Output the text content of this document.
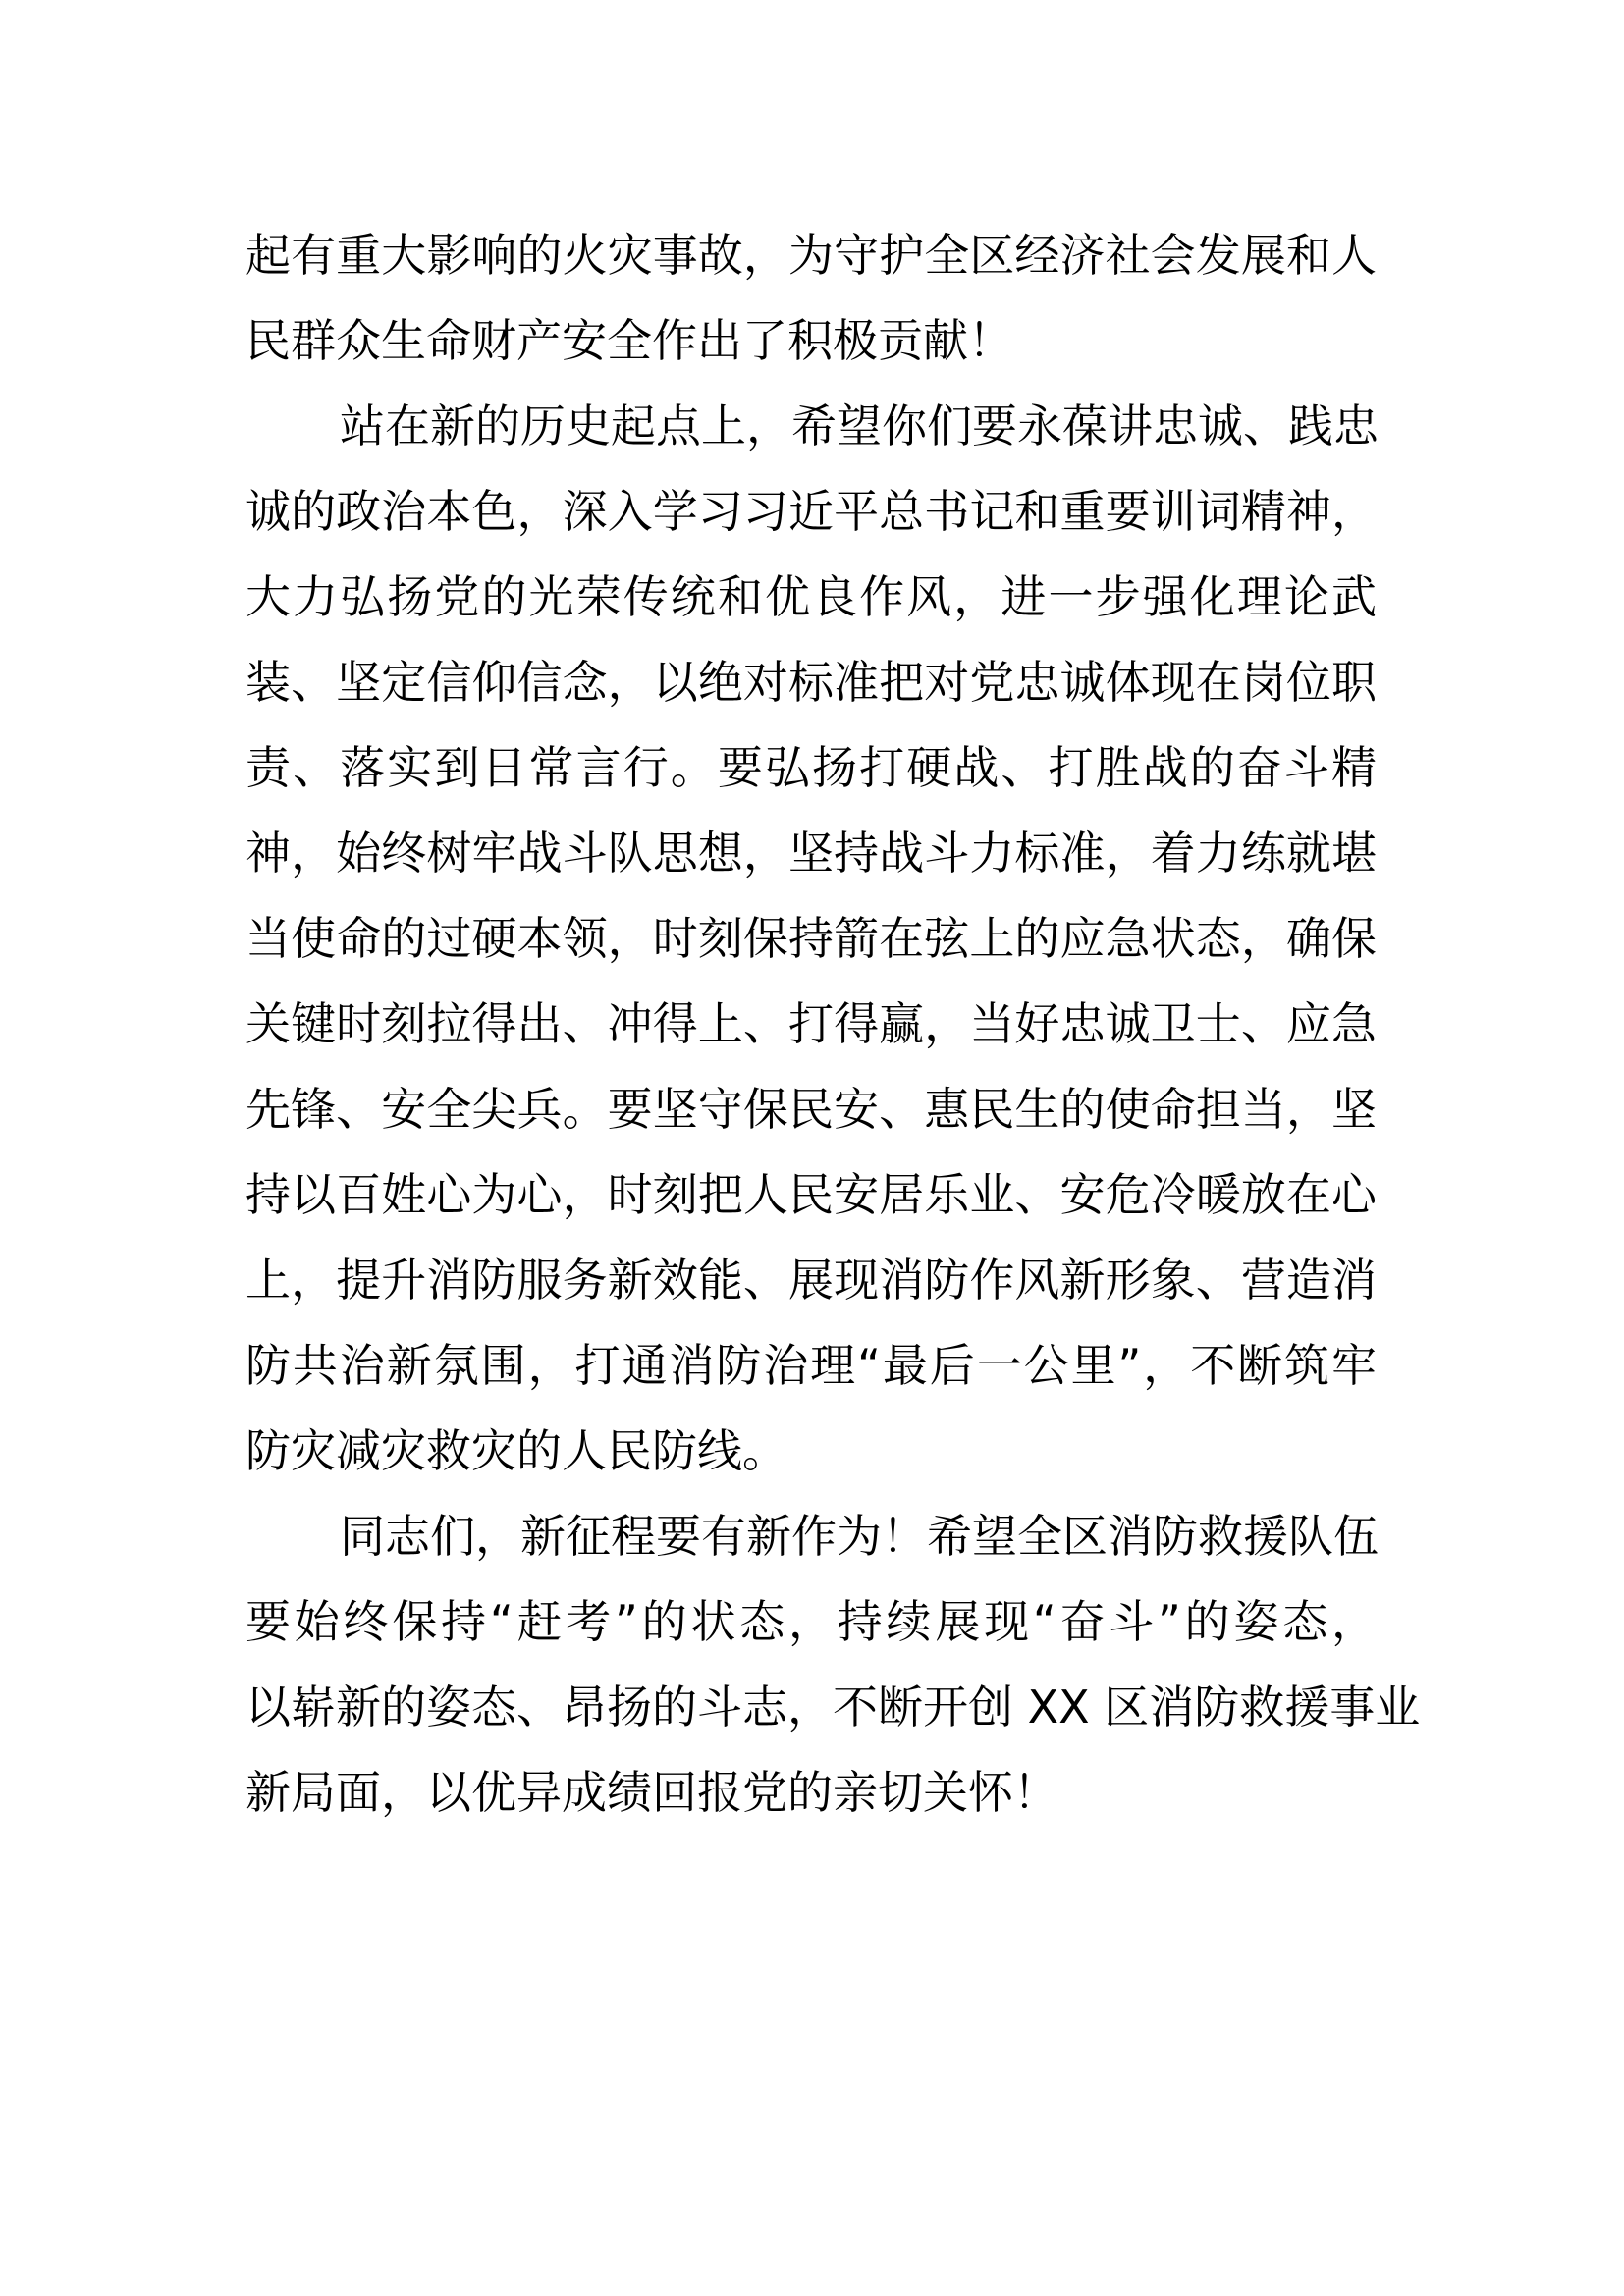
起有重大影响的火灾事故，为守护全区经济社会发展和人
民群众生命财产安全作出了积极贡献！
站在新的历史起点上，希望你们要永葆讲忠诚、践忠
诚的政治本色，深入学习习近平总书记和重要训词精神，
大力弘扬党的光荣传统和优良作风，进一步强化理论武
装、坚定信仰信念，以绝对标准把对党忠诚体现在岗位职
责、落实到日常言行。要弘扬打硬战、打胜战的奋斗精
神，始终树牢战斗队思想，坚持战斗力标准，着力练就堪
当使命的过硬本领，时刻保持箭在弦上的应急状态，确保
关键时刻拉得出、冲得上、打得赢，当好忠诚卫士、应急
先锋、安全尖兵。要坚守保民安、惠民生的使命担当，坚
持以百姓心为心，时刻把人民安居乐业、安危冷暖放在心
上，提升消防服务新效能、展现消防作风新形象、营造消
防共治新氛围，打通消防治理“最后一公里”，不断筑牢
防灾减灾救灾的人民防线。
同志们，新征程要有新作为！希望全区消防救援队伍
要始终保持“赶考”的状态，持续展现“奋斗”的姿态，
以崭新的姿态、昂扬的斗志，不断开创 XX 区消防救援事业
新局面，以优异成绩回报党的亲切关怀！
